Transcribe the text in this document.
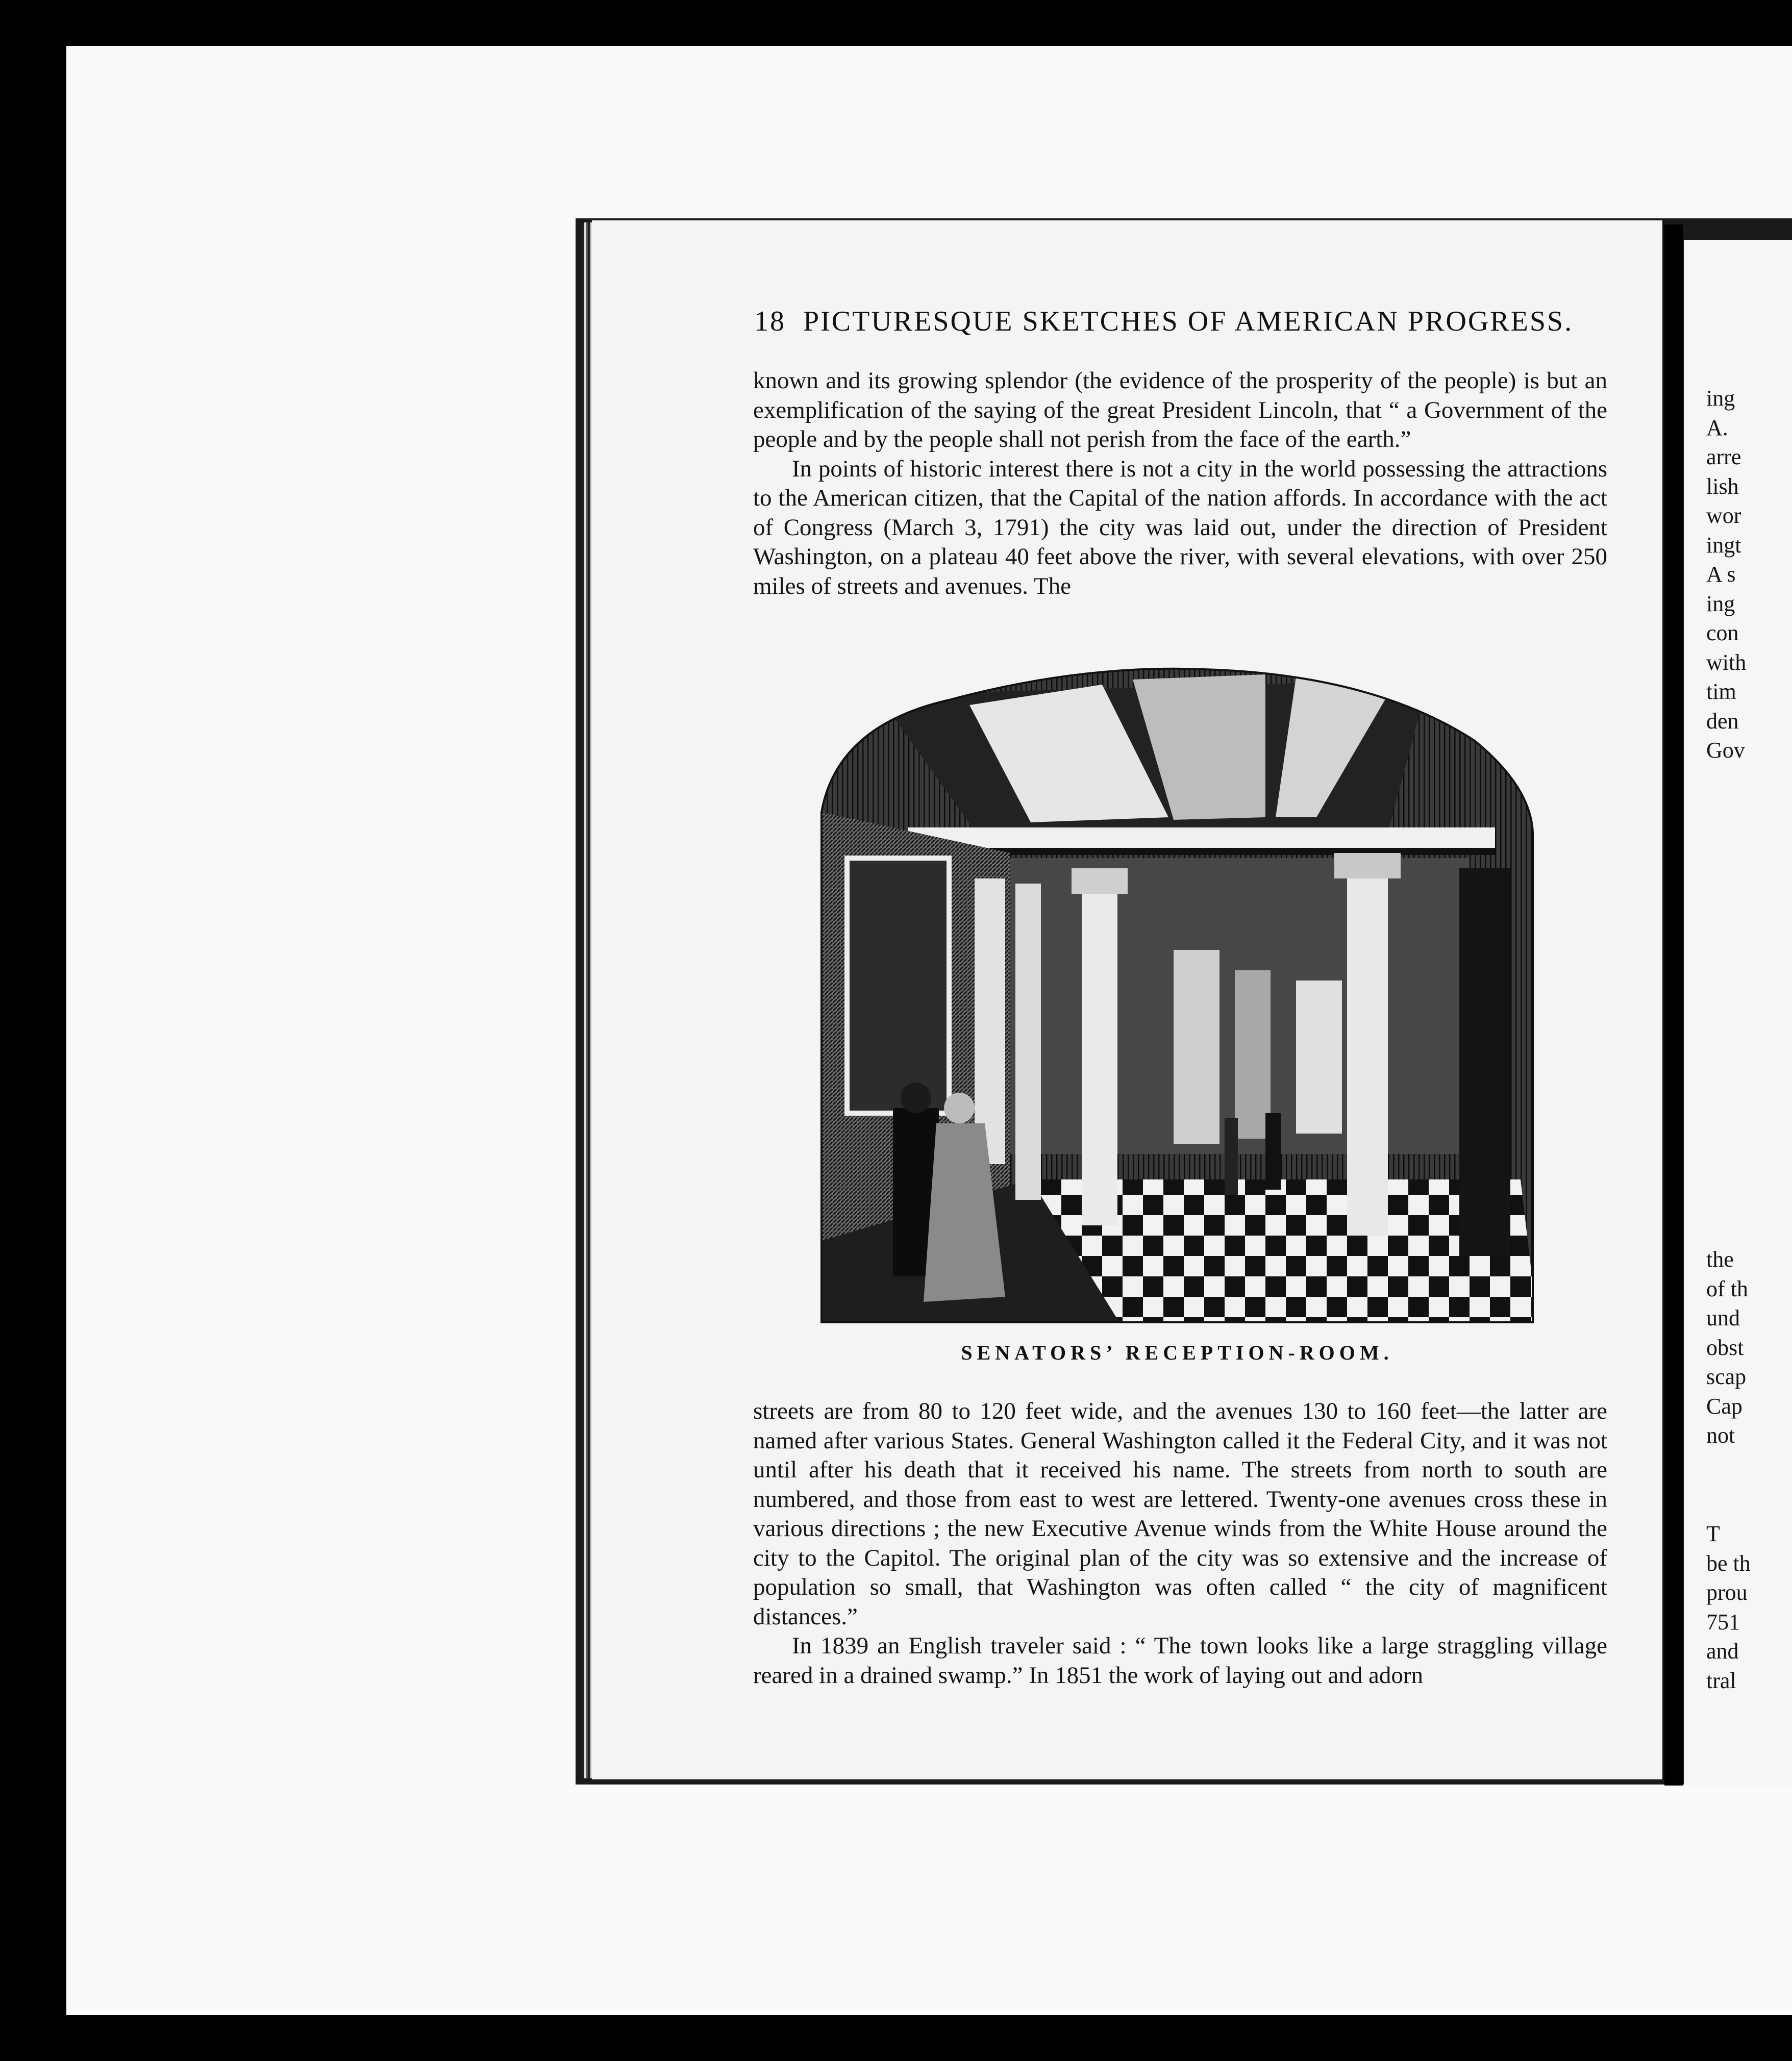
18 PICTURESQUE SKETCHES OF AMERICAN PROGRESS.

known and its growing splendor (the evidence of the prosperity of the people) is but an exemplification of the saying of the great President Lincoln, that “ a Government of the people and by the people shall not perish from the face of the earth.”

In points of historic interest there is not a city in the world possessing the attractions to the American citizen, that the Capital of the nation affords. In accordance with the act of Congress (March 3, 1791) the city was laid out, under the direction of President Washington, on a plateau 40 feet above the river, with several elevations, with over 250 miles of streets and avenues. The

SENATORS’ RECEPTION-ROOM.

streets are from 80 to 120 feet wide, and the avenues 130 to 160 feet—the latter are named after various States. General Washington called it the Federal City, and it was not until after his death that it received his name. The streets from north to south are numbered, and those from east to west are lettered. Twenty-one avenues cross these in various directions ; the new Executive Avenue winds from the White House around the city to the Capitol. The original plan of the city was so extensive and the increase of population so small, that Washington was often called “ the city of magnificent distances.”

In 1839 an English traveler said : “ The town looks like a large straggling village reared in a drained swamp.” In 1851 the work of laying out and adorn

ing
A.
arrе
lish
wor
ingt
A s
ing
con
with
tim
den
Gov
the
of th
und
obst
scap
Cap
not
T
be th
prou
751
and
tral
